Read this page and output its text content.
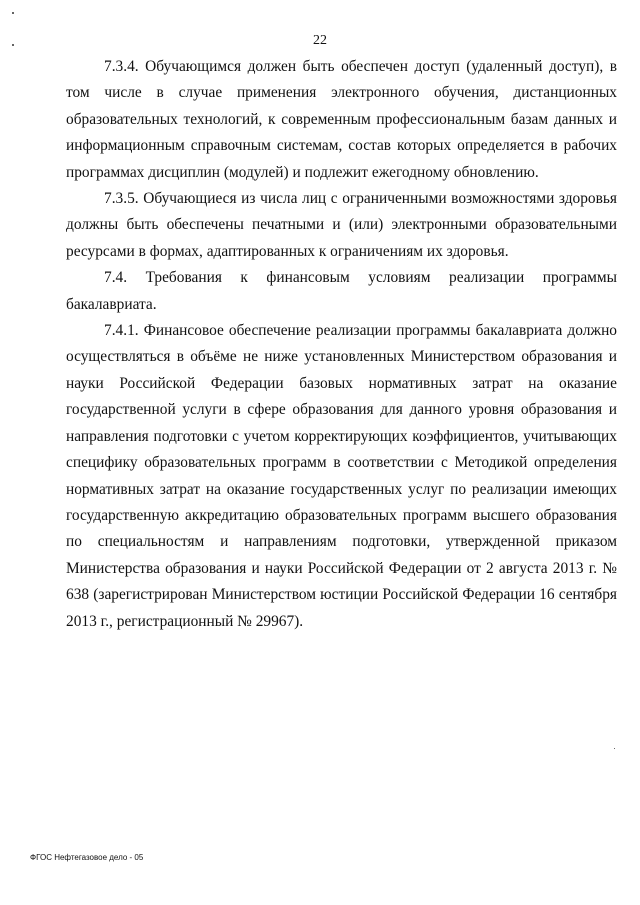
22

7.3.4. Обучающимся должен быть обеспечен доступ (удаленный доступ), в том числе в случае применения электронного обучения, дистанционных образовательных технологий, к современным профессиональным базам данных и информационным справочным системам, состав которых определяется в рабочих программах дисциплин (модулей) и подлежит ежегодному обновлению.

7.3.5. Обучающиеся из числа лиц с ограниченными возможностями здоровья должны быть обеспечены печатными и (или) электронными образовательными ресурсами в формах, адаптированных к ограничениям их здоровья.

7.4. Требования к финансовым условиям реализации программы бакалавриата.

7.4.1. Финансовое обеспечение реализации программы бакалавриата должно осуществляться в объёме не ниже установленных Министерством образования и науки Российской Федерации базовых нормативных затрат на оказание государственной услуги в сфере образования для данного уровня образования и направления подготовки с учетом корректирующих коэффициентов, учитывающих специфику образовательных программ в соответствии с Методикой определения нормативных затрат на оказание государственных услуг по реализации имеющих государственную аккредитацию образовательных программ высшего образования по специальностям и направлениям подготовки, утвержденной приказом Министерства образования и науки Российской Федерации от 2 августа 2013 г. № 638 (зарегистрирован Министерством юстиции Российской Федерации 16 сентября 2013 г., регистрационный № 29967).

ФГОС Нефтегазовое дело - 05
